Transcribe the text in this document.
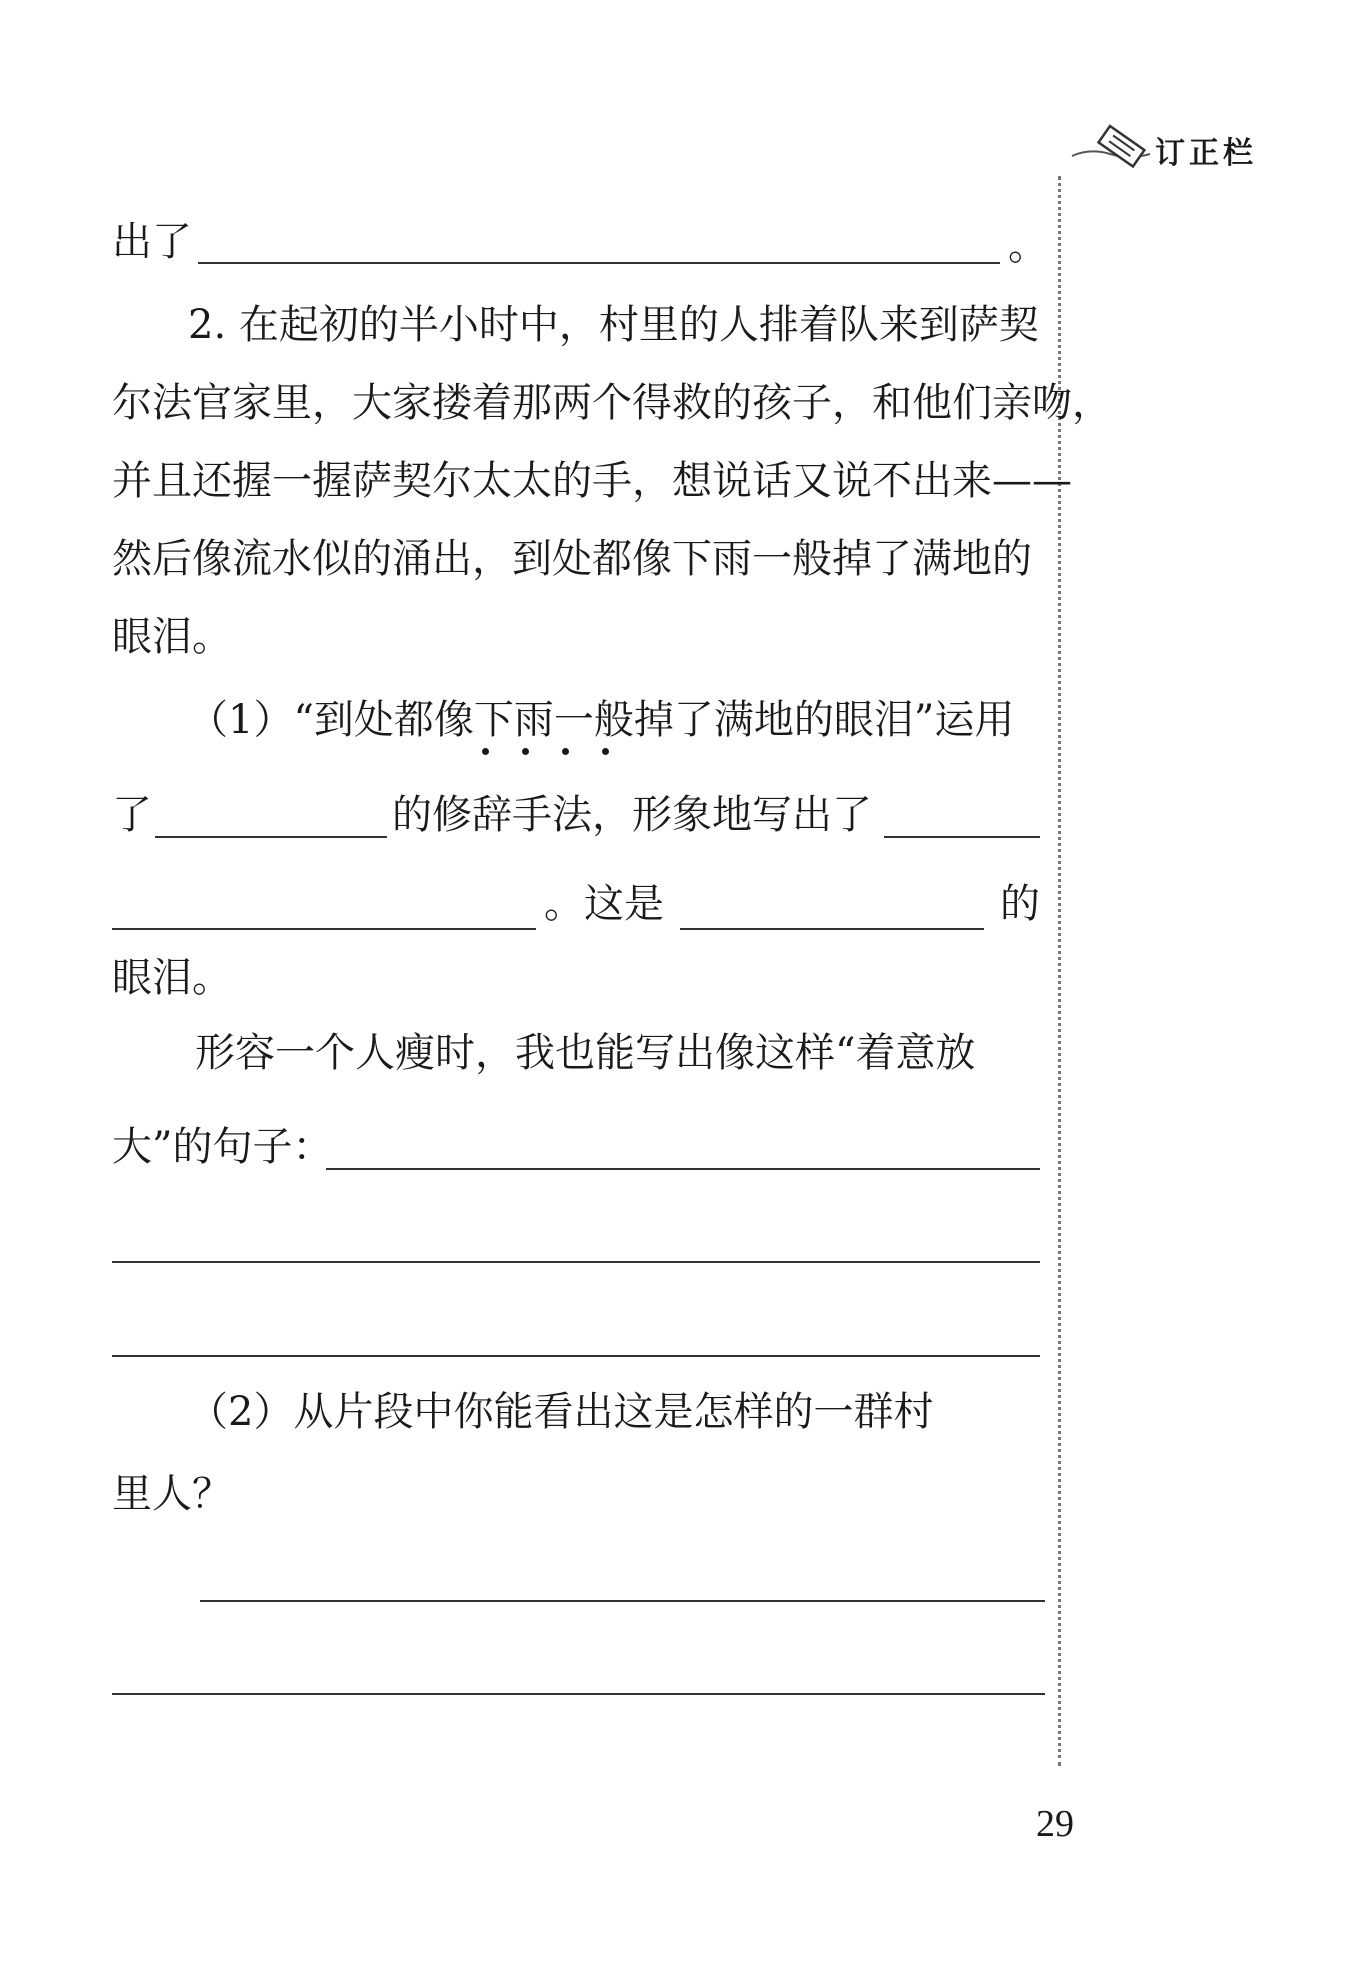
订正栏
出了	。
2. 在起初的半小时中，村里的人排着队来到萨契
尔法官家里，大家搂着那两个得救的孩子，和他们亲吻，
并且还握一握萨契尔太太的手，想说话又说不出来——
然后像流水似的涌出，到处都像下雨一般掉了满地的
眼泪。
（1）“到处都像下雨一般掉了满地的眼泪”运用
了	的修辞手法，形象地写出了
。这是	的
眼泪。
形容一个人瘦时，我也能写出像这样“着意放
大”的句子：
（2）从片段中你能看出这是怎样的一群村
里人？
29
